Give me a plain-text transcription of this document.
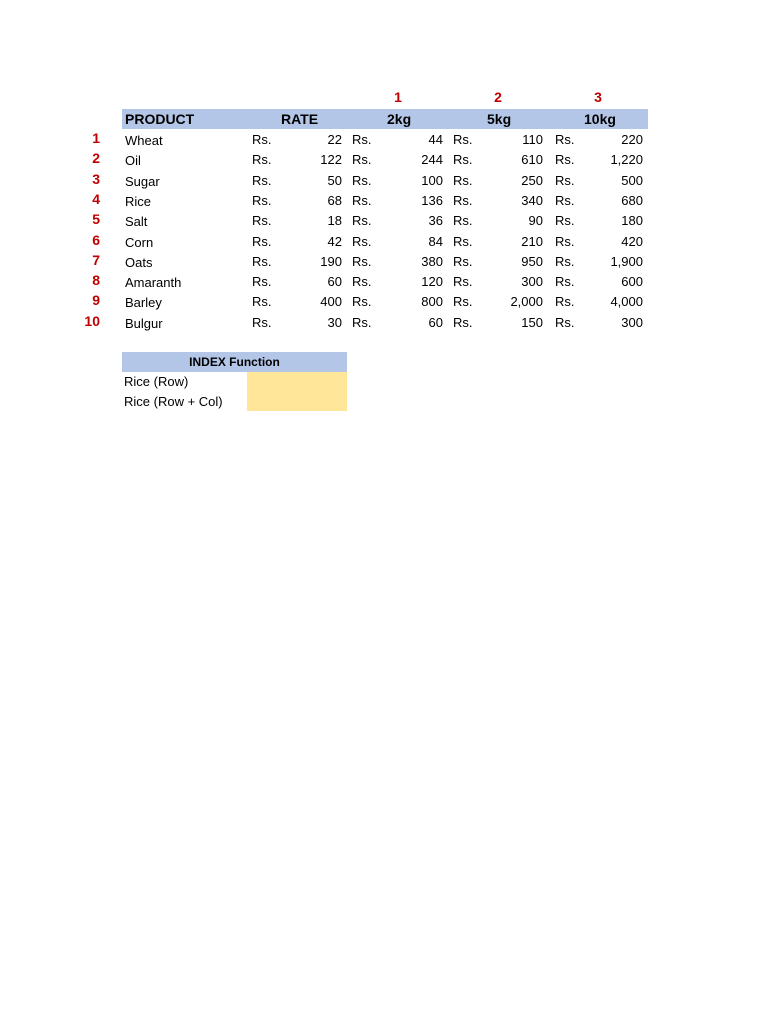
1	2	3
PRODUCT	RATE	2kg	5kg	10kg
1 Wheat	Rs.	22 Rs.	44 Rs.	110 Rs.	220
2 Oil	Rs.	122 Rs.	244 Rs.	610 Rs.	1,220
3 Sugar	Rs.	50 Rs.	100 Rs.	250 Rs.	500
4 Rice	Rs.	68 Rs.	136 Rs.	340 Rs.	680
5 Salt	Rs.	18 Rs.	36 Rs.	90 Rs.	180
6 Corn	Rs.	42 Rs.	84 Rs.	210 Rs.	420
7 Oats	Rs.	190 Rs.	380 Rs.	950 Rs.	1,900
8 Amaranth	Rs.	60 Rs.	120 Rs.	300 Rs.	600
9 Barley	Rs.	400 Rs.	800 Rs.	2,000 Rs.	4,000
10 Bulgur	Rs.	30 Rs.	60 Rs.	150 Rs.	300
INDEX Function
Rice (Row)
Rice (Row + Col)
